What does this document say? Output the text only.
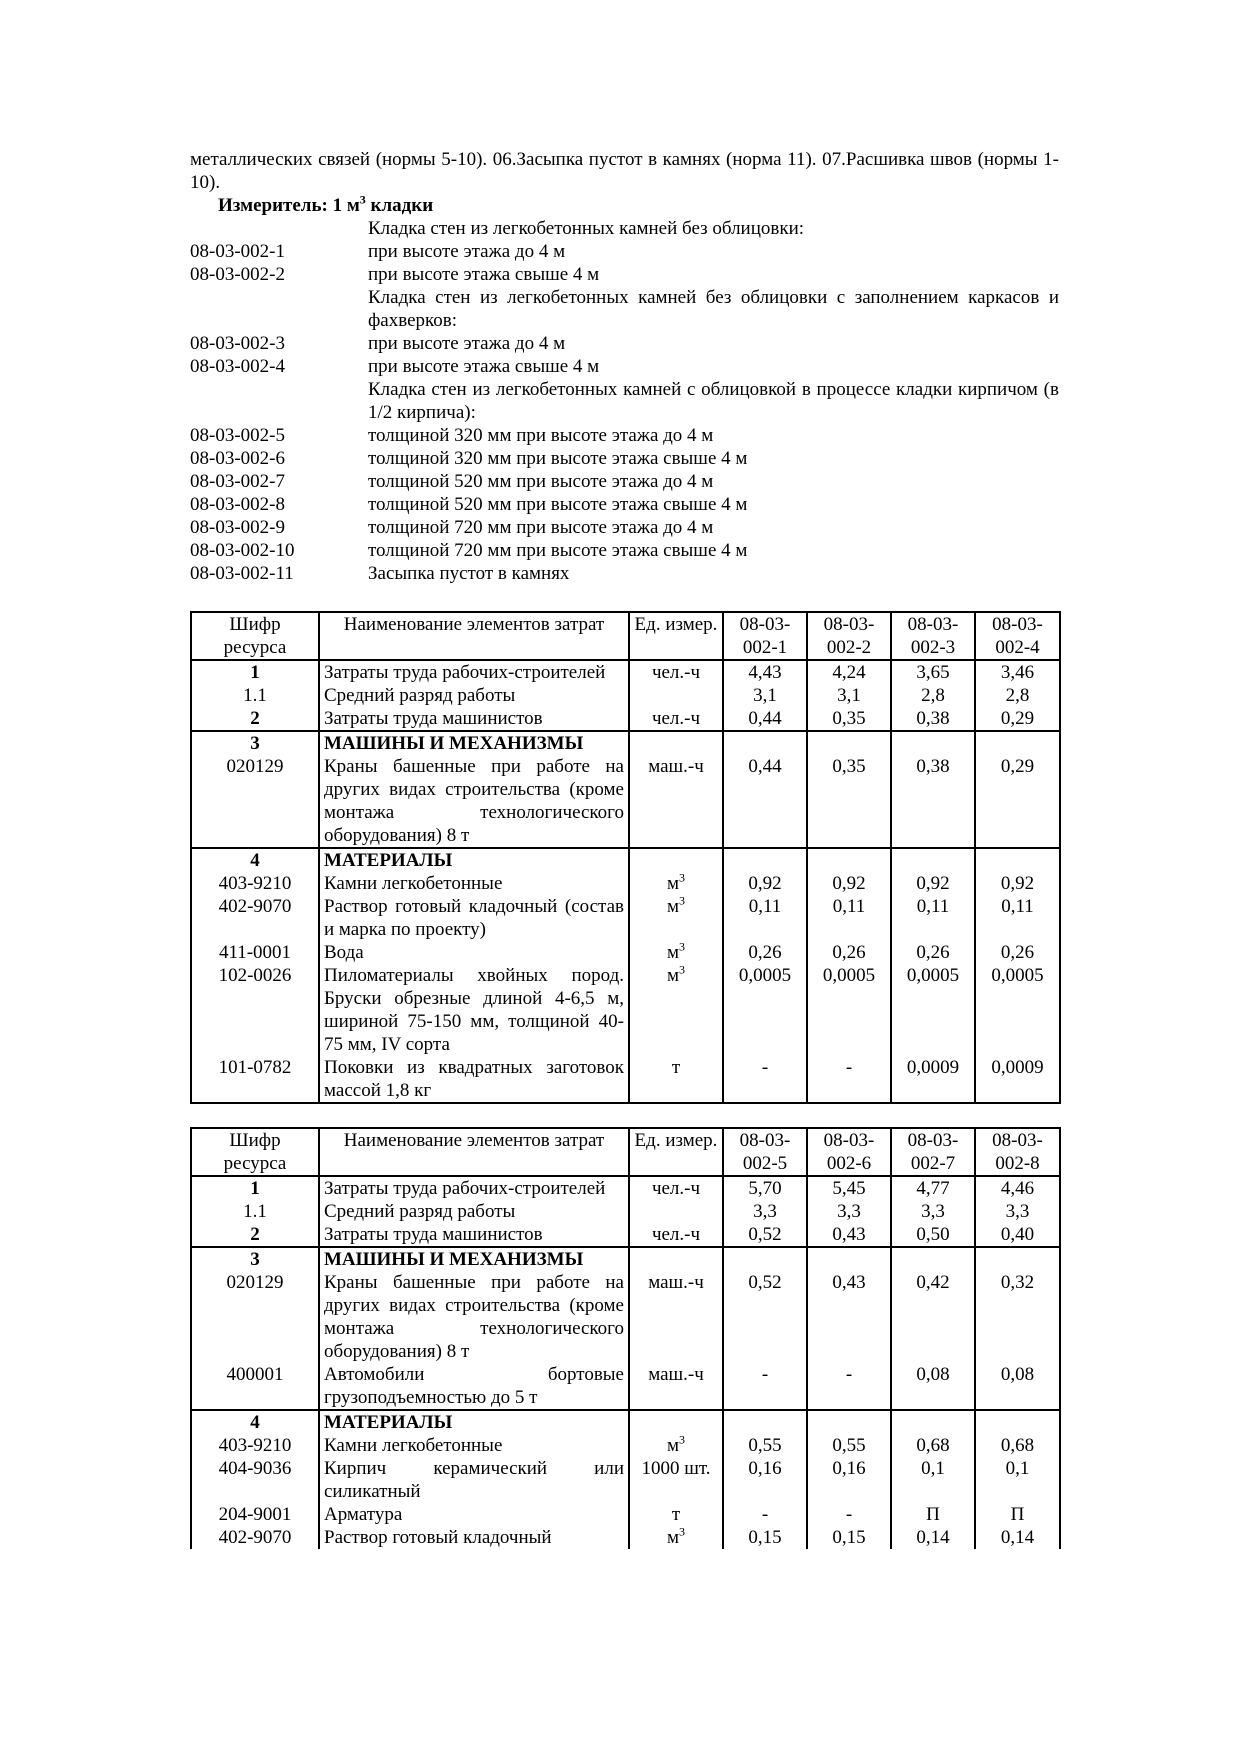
металлических связей (нормы 5-10). 06.Засыпка пустот в камнях (норма 11). 07.Расшивка швов (нормы 1-10).

Измеритель: 1 $м^3$ кладки

Кладка стен из легкобетонных камней без облицовки:
08-03-002-1	при высоте этажа до 4 м
08-03-002-2	при высоте этажа свыше 4 м
Кладка стен из легкобетонных камней без облицовки с заполнением каркасов и фахверков:
08-03-002-3	при высоте этажа до 4 м
08-03-002-4	при высоте этажа свыше 4 м
Кладка стен из легкобетонных камней с облицовкой в процессе кладки кирпичом (в 1/2 кирпича):
08-03-002-5	толщиной 320 мм при высоте этажа до 4 м
08-03-002-6	толщиной 320 мм при высоте этажа свыше 4 м
08-03-002-7	толщиной 520 мм при высоте этажа до 4 м
08-03-002-8	толщиной 520 мм при высоте этажа свыше 4 м
08-03-002-9	толщиной 720 мм при высоте этажа до 4 м
08-03-002-10	толщиной 720 мм при высоте этажа свыше 4 м
08-03-002-11	Засыпка пустот в камнях
Шифр ресурса	Наименование элементов затрат	Ед. измер.	08-03-002-1	08-03-002-2	08-03-002-3	08-03-002-4
1	Затраты труда рабочих-строителей	чел.-ч	4,43	4,24	3,65	3,46
1.1	Средний разряд работы		3,1	3,1	2,8	2,8
2	Затраты труда машинистов	чел.-ч	0,44	0,35	0,38	0,29
3	МАШИНЫ И МЕХАНИЗМЫ					
020129	Краны башенные при работе на других видах строительства (кроме монтажа технологического оборудования) 8 т	маш.-ч	0,44	0,35	0,38	0,29
4	МАТЕРИАЛЫ					
403-9210	Камни легкобетонные	$м^3$	0,92	0,92	0,92	0,92
402-9070	Раствор готовый кладочный (состав и марка по проекту)	$м^3$	0,11	0,11	0,11	0,11
411-0001	Вода	$м^3$	0,26	0,26	0,26	0,26
102-0026	Пиломатериалы хвойных пород. Бруски обрезные длиной 4-6,5 м, шириной 75-150 мм, толщиной 40-75 мм, IV сорта	$м^3$	0,0005	0,0005	0,0005	0,0005
101-0782	Поковки из квадратных заготовок массой 1,8 кг	т	-	-	0,0009	0,0009
Шифр ресурса	Наименование элементов затрат	Ед. измер.	08-03-002-5	08-03-002-6	08-03-002-7	08-03-002-8
1	Затраты труда рабочих-строителей	чел.-ч	5,70	5,45	4,77	4,46
1.1	Средний разряд работы		3,3	3,3	3,3	3,3
2	Затраты труда машинистов	чел.-ч	0,52	0,43	0,50	0,40
3	МАШИНЫ И МЕХАНИЗМЫ					
020129	Краны башенные при работе на других видах строительства (кроме монтажа технологического оборудования) 8 т	маш.-ч	0,52	0,43	0,42	0,32
400001	Автомобили бортовые грузоподъемностью до 5 т	маш.-ч	-	-	0,08	0,08
4	МАТЕРИАЛЫ					
403-9210	Камни легкобетонные	$м^3$	0,55	0,55	0,68	0,68
404-9036	Кирпич керамический или силикатный	1000 шт.	0,16	0,16	0,1	0,1
204-9001	Арматура	т	-	-	П	П
402-9070	Раствор готовый кладочный	$м^3$	0,15	0,15	0,14	0,14
